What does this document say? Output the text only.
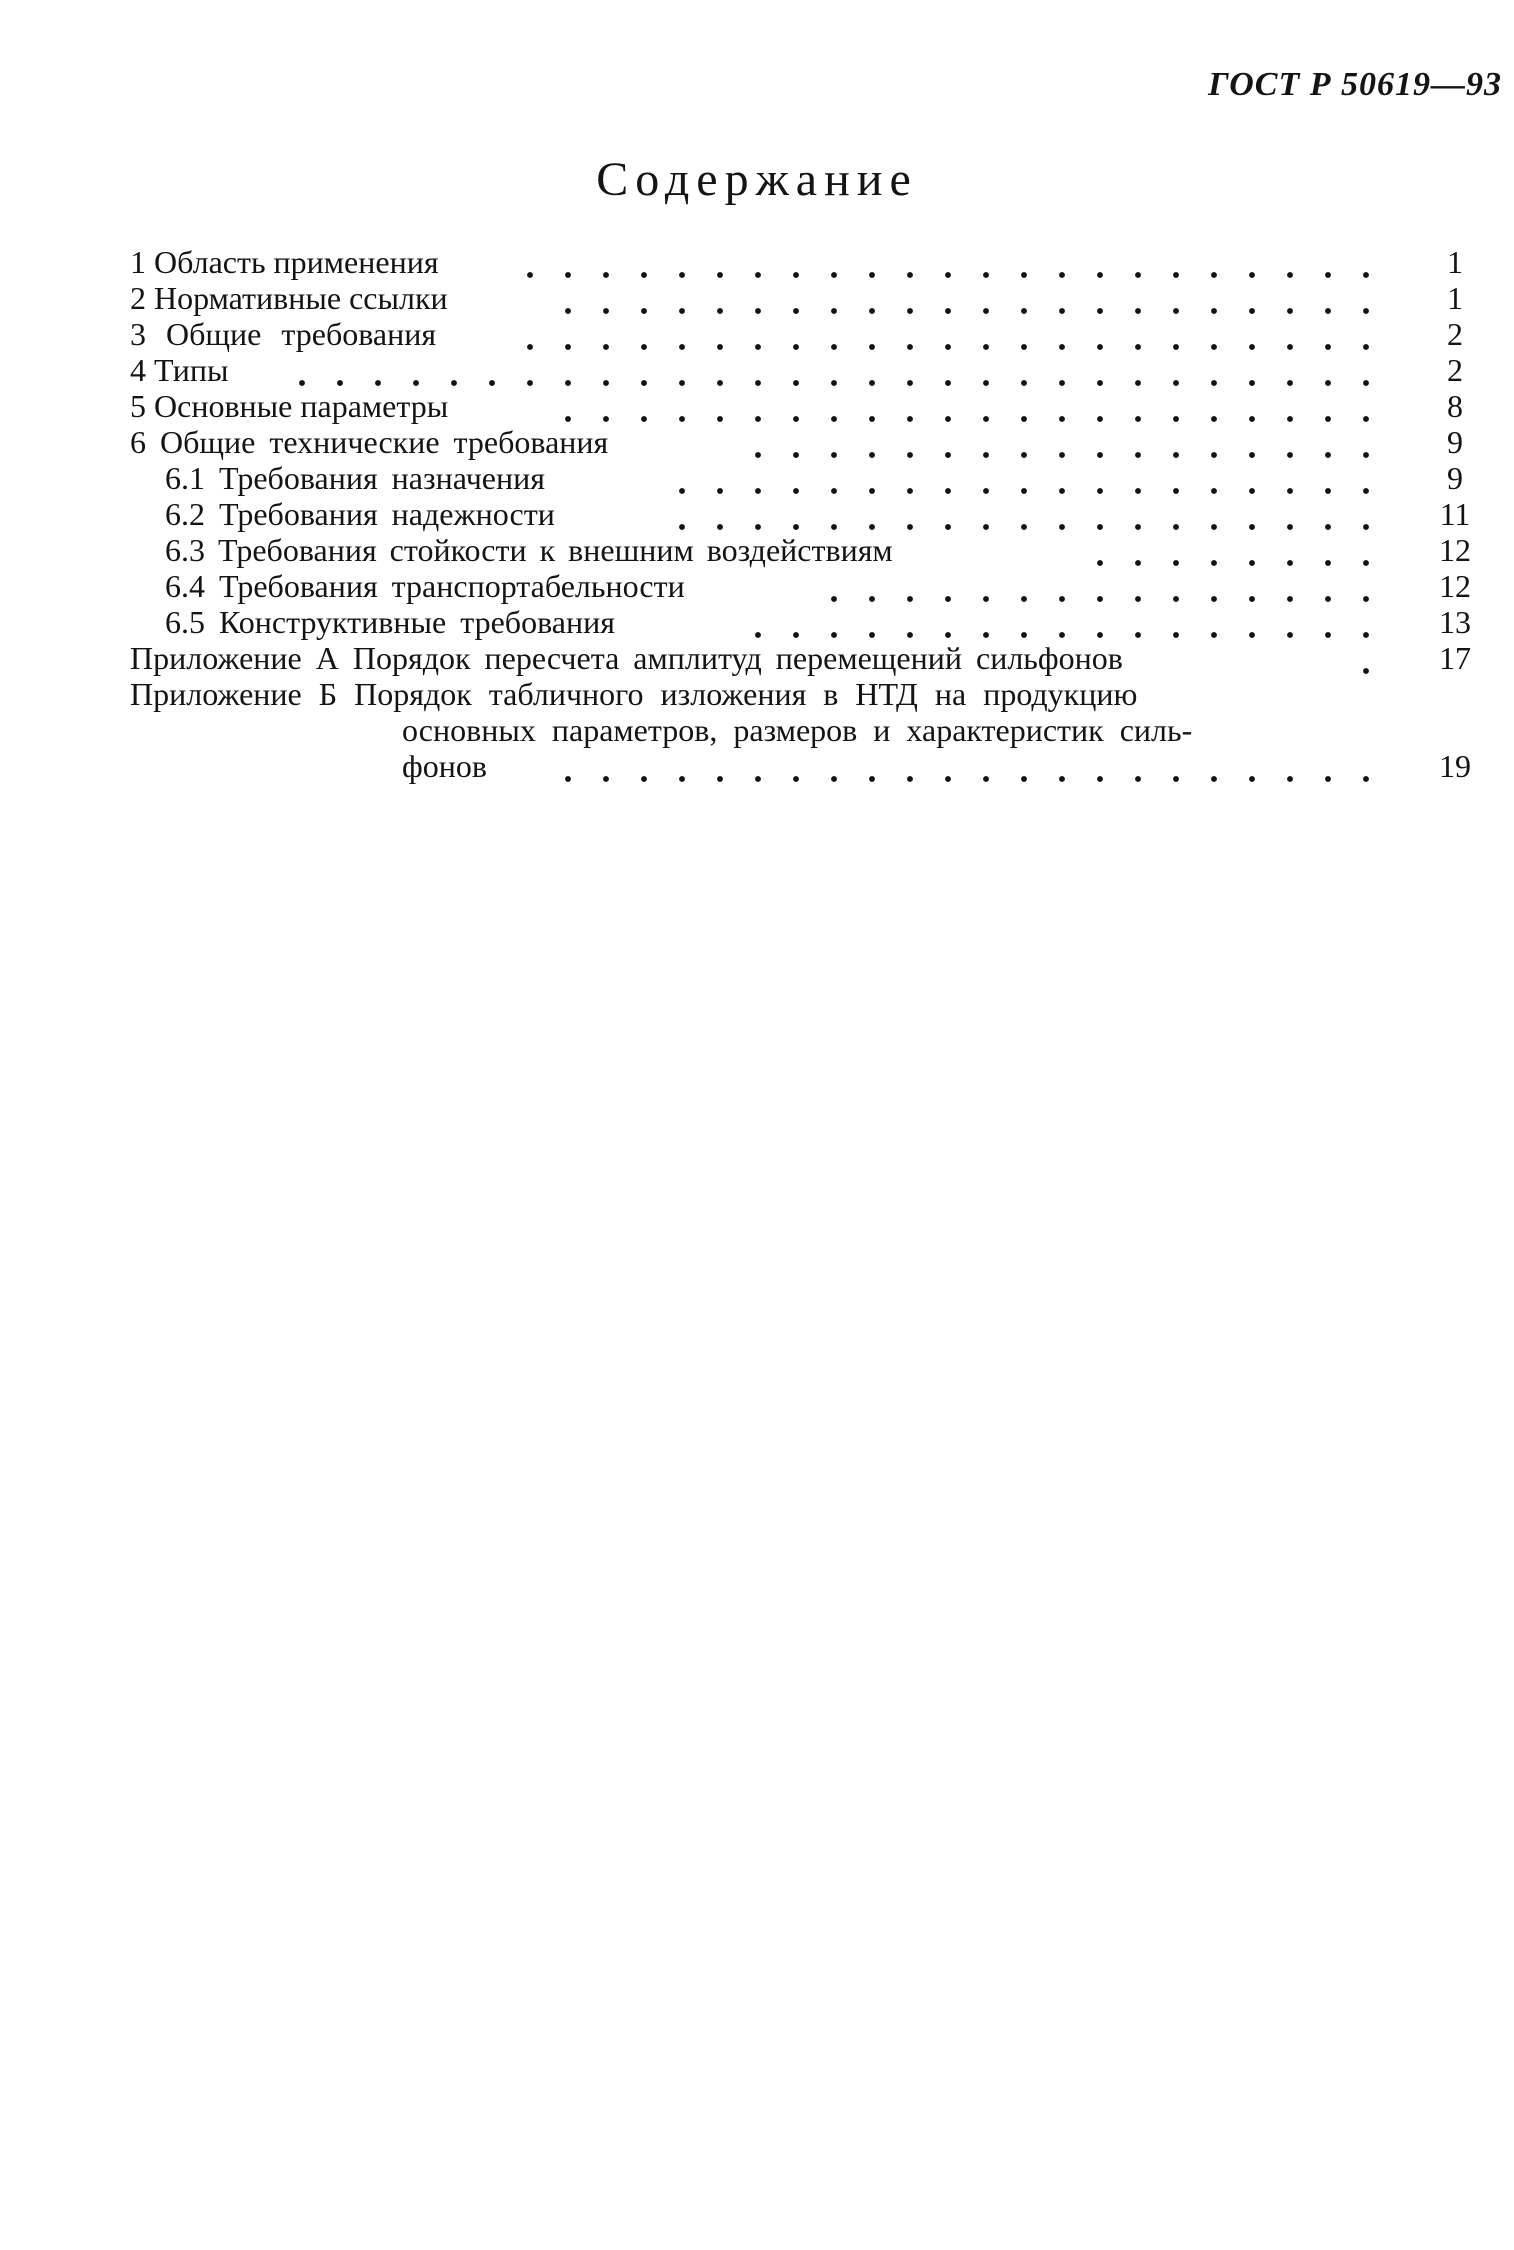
ГОСТ Р 50619—93
Содержание
1 Область применения	1
2 Нормативные ссылки	1
3 Общие требования	2
4 Типы	2
5 Основные параметры	8
6 Общие технические требования	9
6.1 Требования назначения	9
6.2 Требования надежности	11
6.3 Требования стойкости к внешним воздействиям	12
6.4 Требования транспортабельности	12
6.5 Конструктивные требования	13
Приложение А Порядок пересчета амплитуд перемещений сильфонов	17
Приложение Б Порядок табличного изложения в НТД на продукцию
основных параметров, размеров и характеристик силь-
фонов	19
